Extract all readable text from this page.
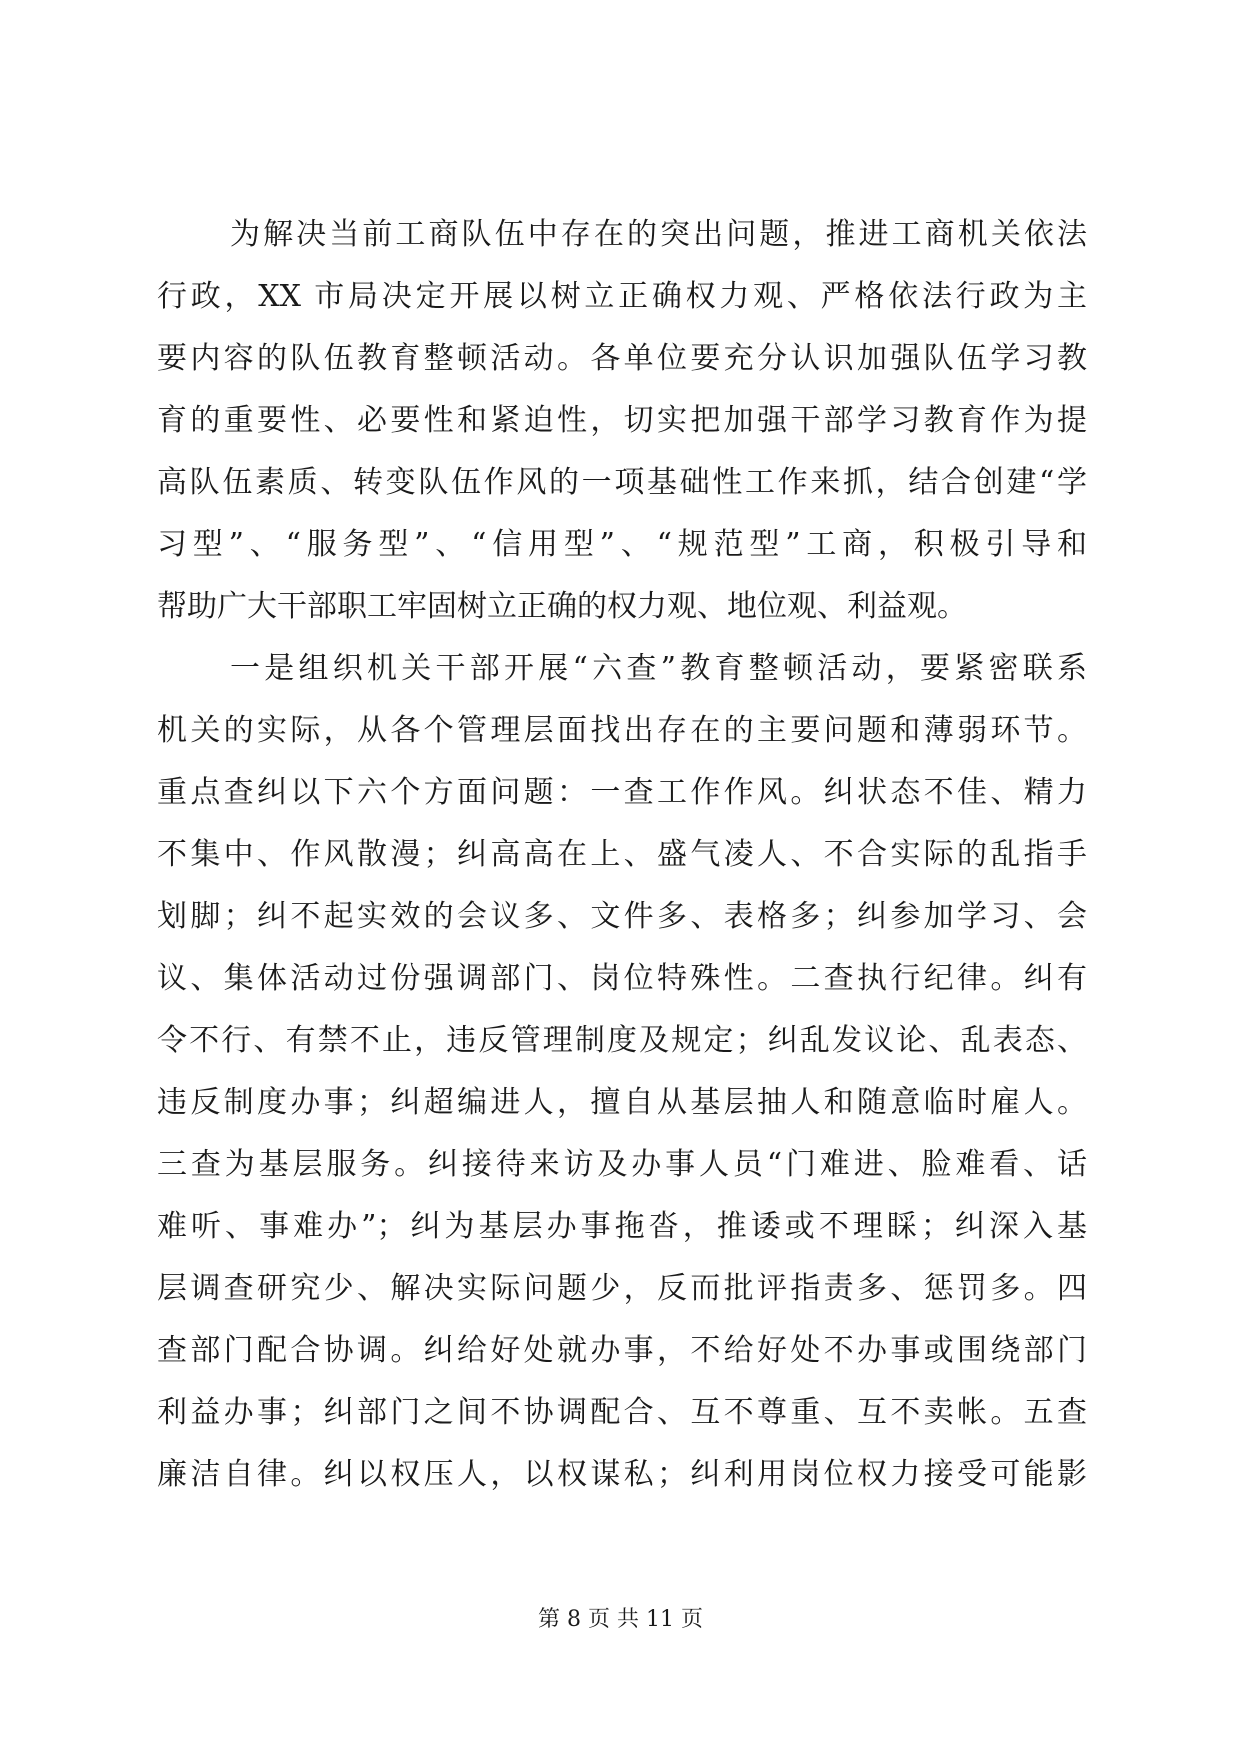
为解决当前工商队伍中存在的突出问题，推进工商机关依法
行政，XX 市局决定开展以树立正确权力观、严格依法行政为主
要内容的队伍教育整顿活动。各单位要充分认识加强队伍学习教
育的重要性、必要性和紧迫性，切实把加强干部学习教育作为提
高队伍素质、转变队伍作风的一项基础性工作来抓，结合创建“学
习型”、“服务型”、“信用型”、“规范型”工商，积极引导和
帮助广大干部职工牢固树立正确的权力观、地位观、利益观。
一是组织机关干部开展“六查”教育整顿活动，要紧密联系
机关的实际，从各个管理层面找出存在的主要问题和薄弱环节。
重点查纠以下六个方面问题：一查工作作风。纠状态不佳、精力
不集中、作风散漫；纠高高在上、盛气凌人、不合实际的乱指手
划脚；纠不起实效的会议多、文件多、表格多；纠参加学习、会
议、集体活动过份强调部门、岗位特殊性。二查执行纪律。纠有
令不行、有禁不止，违反管理制度及规定；纠乱发议论、乱表态、
违反制度办事；纠超编进人，擅自从基层抽人和随意临时雇人。
三查为基层服务。纠接待来访及办事人员“门难进、脸难看、话
难听、事难办”；纠为基层办事拖沓，推诿或不理睬；纠深入基
层调查研究少、解决实际问题少，反而批评指责多、惩罚多。四
查部门配合协调。纠给好处就办事，不给好处不办事或围绕部门
利益办事；纠部门之间不协调配合、互不尊重、互不卖帐。五查
廉洁自律。纠以权压人，以权谋私；纠利用岗位权力接受可能影
第 8 页 共 11 页
